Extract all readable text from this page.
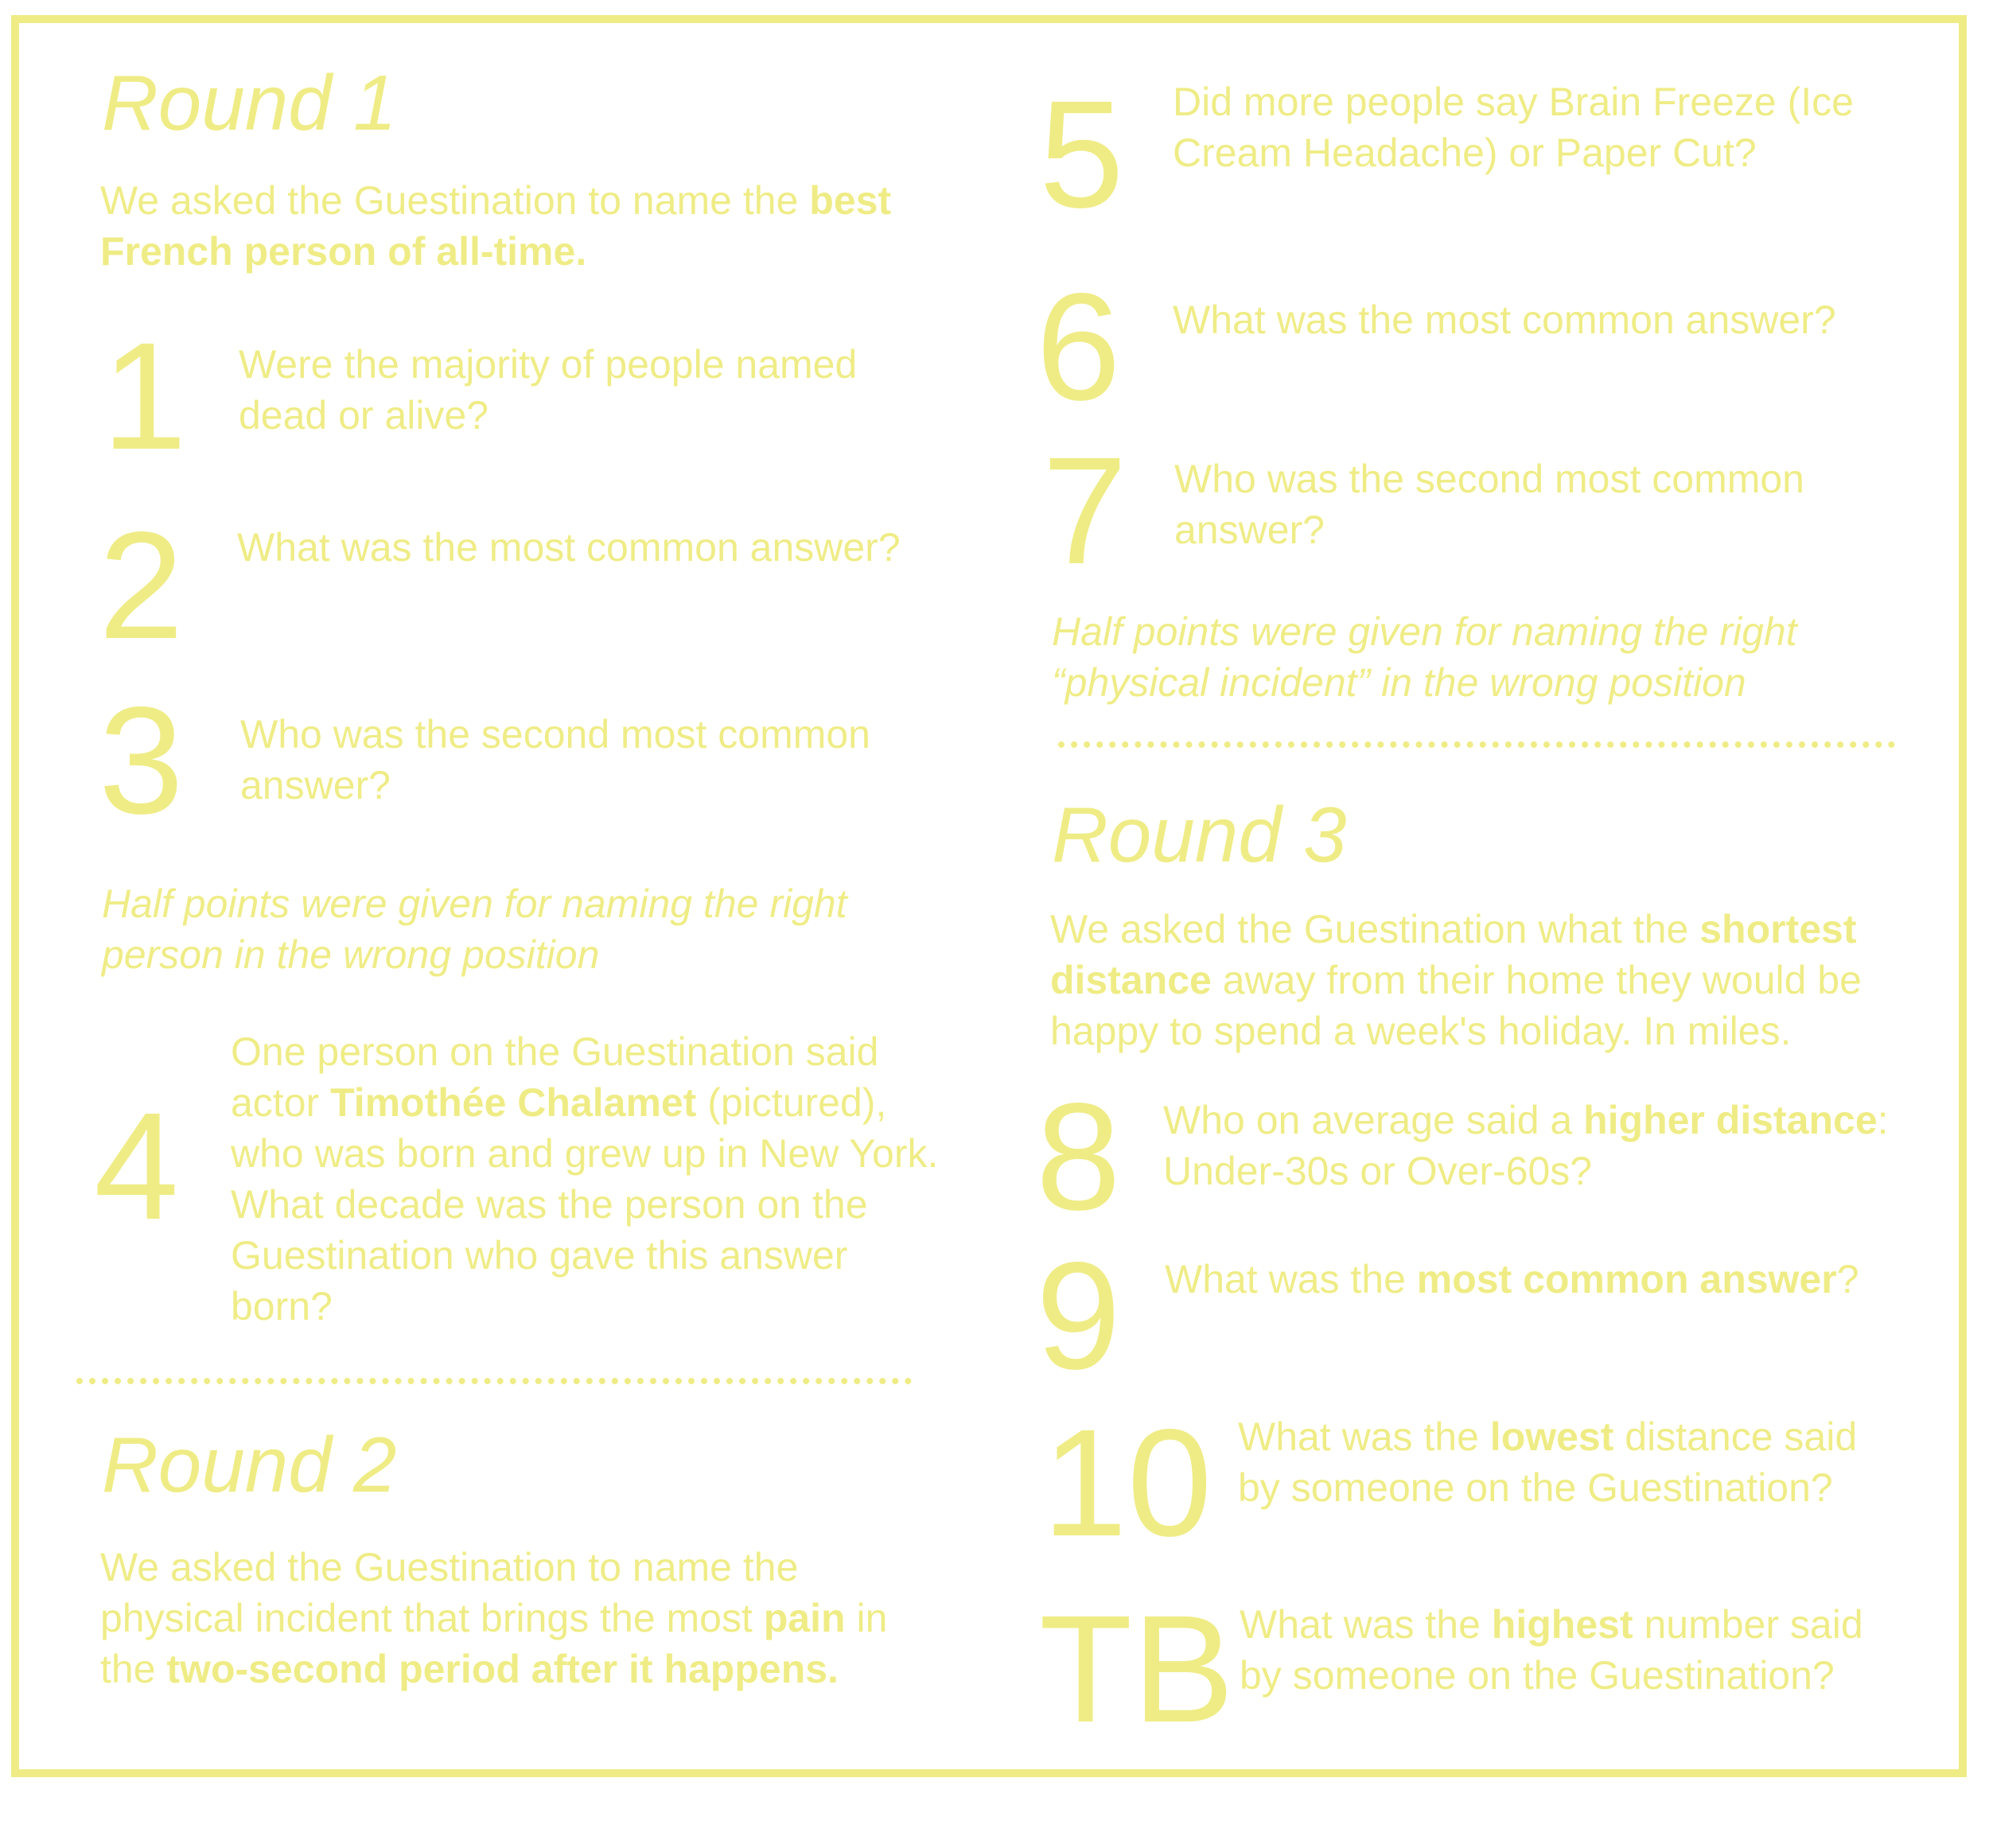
Round 1
We asked the Guestination to name the best French person of all-time.
1 Were the majority of people named dead or alive?
2 What was the most common answer?
3 Who was the second most common answer?
Half points were given for naming the right person in the wrong position
4
One person on the Guestination said actor Timothée Chalamet (pictured), who was born and grew up in New York. What decade was the person on the Guestination who gave this answer born?
Round 2
We asked the Guestination to name the physical incident that brings the most pain in the two-second period after it happens.
5 Did more people say Brain Freeze (Ice Cream Headache) or Paper Cut?
6 What was the most common answer?
7 Who was the second most common answer?
Half points were given for naming the right “physical incident” in the wrong position
Round 3
We asked the Guestination what the shortest distance away from their home they would be happy to spend a week's holiday. In miles.
8 Who on average said a higher distance: Under-30s or Over-60s?
9 What was the most common answer?
10 What was the lowest distance said by someone on the Guestination?
TB What was the highest number said by someone on the Guestination?
